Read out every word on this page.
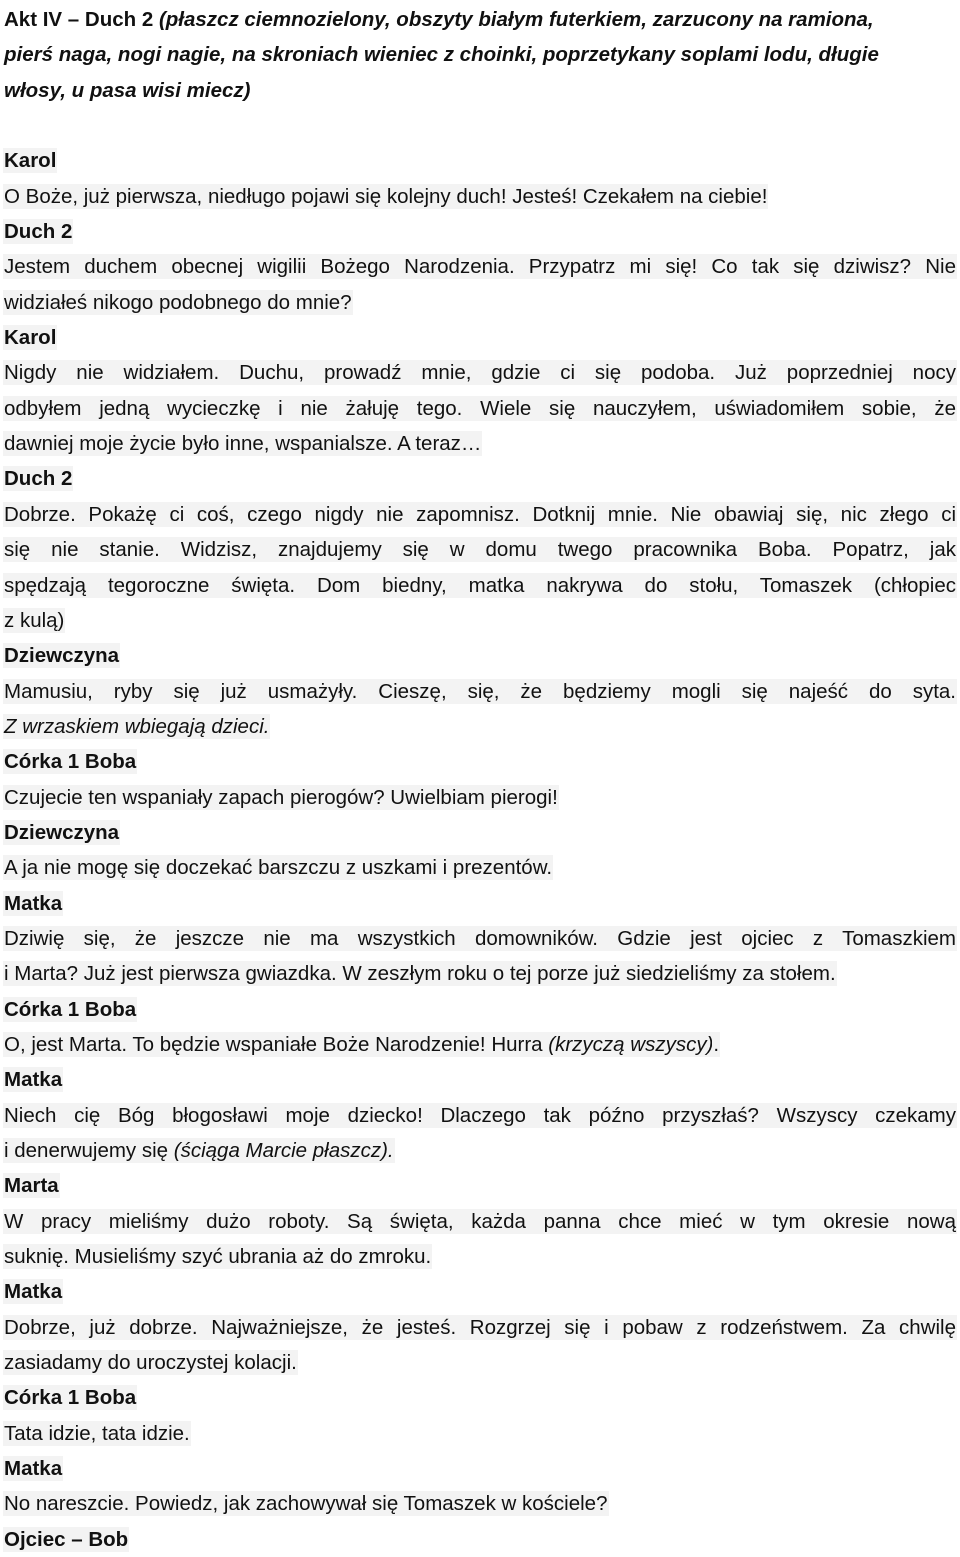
Akt IV – Duch 2 (płaszcz ciemnozielony, obszyty białym futerkiem, zarzucony na ramiona,
pierś naga, nogi nagie, na skroniach wieniec z choinki, poprzetykany soplami lodu, długie
włosy, u pasa wisi miecz)
Karol
O Boże, już pierwsza, niedługo pojawi się kolejny duch! Jesteś! Czekałem na ciebie!
Duch 2
Jestem duchem obecnej wigilii Bożego Narodzenia. Przypatrz mi się! Co tak się dziwisz? Nie
widziałeś nikogo podobnego do mnie?
Karol
Nigdy nie widziałem. Duchu, prowadź mnie, gdzie ci się podoba. Już poprzedniej nocy
odbyłem jedną wycieczkę i nie żałuję tego. Wiele się nauczyłem, uświadomiłem sobie, że
dawniej moje życie było inne, wspanialsze. A teraz…
Duch 2
Dobrze. Pokażę ci coś, czego nigdy nie zapomnisz. Dotknij mnie. Nie obawiaj się, nic złego ci
się nie stanie. Widzisz, znajdujemy się w domu twego pracownika Boba. Popatrz, jak
spędzają tegoroczne święta. Dom biedny, matka nakrywa do stołu, Tomaszek (chłopiec
z kulą)
Dziewczyna
Mamusiu, ryby się już usmażyły. Cieszę, się, że będziemy mogli się najeść do syta.
Z wrzaskiem wbiegają dzieci.
Córka 1 Boba
Czujecie ten wspaniały zapach pierogów? Uwielbiam pierogi!
Dziewczyna
A ja nie mogę się doczekać barszczu z uszkami i prezentów.
Matka
Dziwię się, że jeszcze nie ma wszystkich domowników. Gdzie jest ojciec z Tomaszkiem
i Marta? Już jest pierwsza gwiazdka. W zeszłym roku o tej porze już siedzieliśmy za stołem.
Córka 1 Boba
O, jest Marta. To będzie wspaniałe Boże Narodzenie! Hurra (krzyczą wszyscy).
Matka
Niech cię Bóg błogosławi moje dziecko! Dlaczego tak późno przyszłaś? Wszyscy czekamy
i denerwujemy się (ściąga Marcie płaszcz).
Marta
W pracy mieliśmy dużo roboty. Są święta, każda panna chce mieć w tym okresie nową
suknię. Musieliśmy szyć ubrania aż do zmroku.
Matka
Dobrze, już dobrze. Najważniejsze, że jesteś. Rozgrzej się i pobaw z rodzeństwem. Za chwilę
zasiadamy do uroczystej kolacji.
Córka 1 Boba
Tata idzie, tata idzie.
Matka
No nareszcie. Powiedz, jak zachowywał się Tomaszek w kościele?
Ojciec – Bob
